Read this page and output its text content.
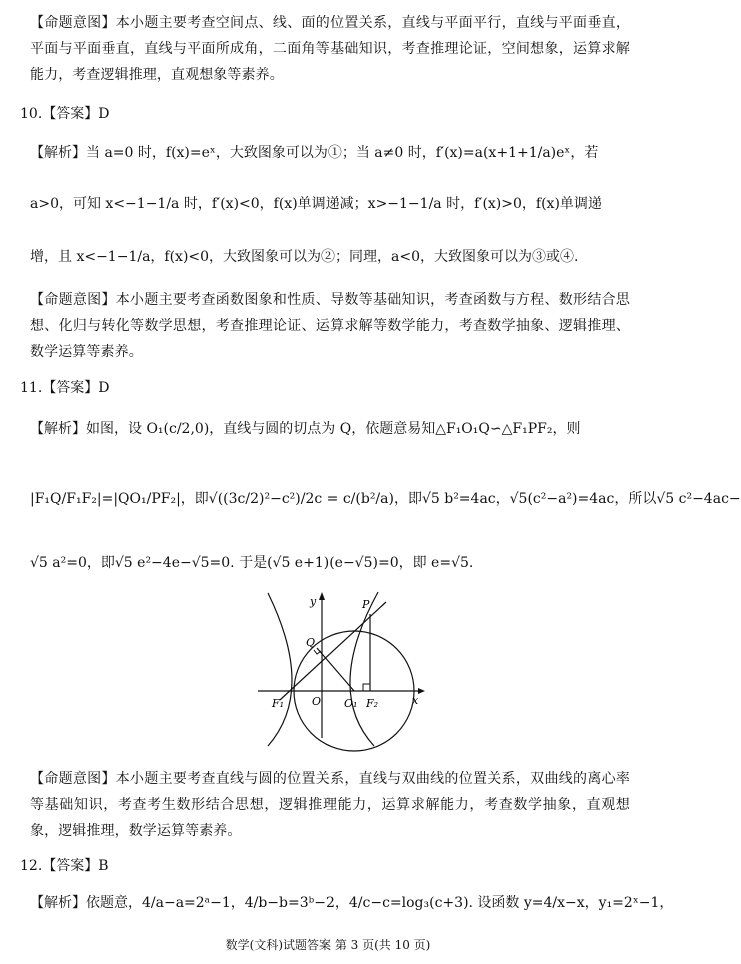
【命题意图】本小题主要考查空间点、线、面的位置关系，直线与平面平行，直线与平面垂直，平面与平面垂直，直线与平面所成角，二面角等基础知识，考查推理论证，空间想象，运算求解能力，考查逻辑推理，直观想象等素养。

10.【答案】D

【解析】当 a=0 时，f(x)=eˣ，大致图象可以为①；当 a≠0 时，f′(x)=a(x+1+1/a)eˣ，若
a>0，可知 x<−1−1/a 时，f′(x)<0，f(x)单调递减；x>−1−1/a 时，f′(x)>0，f(x)单调递
增，且 x<−1−1/a，f(x)<0，大致图象可以为②；同理，a<0，大致图象可以为③或④.

【命题意图】本小题主要考查函数图象和性质、导数等基础知识，考查函数与方程、数形结合思想、化归与转化等数学思想，考查推理论证、运算求解等数学能力，考查数学抽象、逻辑推理、数学运算等素养。

11.【答案】D

【解析】如图，设 O₁(c/2,0)，直线与圆的切点为 Q，依题意易知△F₁O₁Q∽△F₁PF₂，则
|F₁Q/F₁F₂|=|QO₁/PF₂|，即√((3c/2)²−c²)/2c = c/(b²/a)，即√5 b²=4ac，√5(c²−a²)=4ac，所以√5 c²−4ac−
√5 a²=0，即√5 e²−4e−√5=0. 于是(√5 e+1)(e−√5)=0，即 e=√5.
y	P
Q
F₁	O O₁ F₂	x

【命题意图】本小题主要考查直线与圆的位置关系，直线与双曲线的位置关系，双曲线的离心率等基础知识，考查考生数形结合思想，逻辑推理能力，运算求解能力，考查数学抽象，直观想象，逻辑推理，数学运算等素养。

12.【答案】B

【解析】依题意，4/a−a=2ᵃ−1，4/b−b=3ᵇ−2，4/c−c=log₃(c+3). 设函数 y=4/x−x，y₁=2ˣ−1，
数学(文科)试题答案 第 3 页(共 10 页)
